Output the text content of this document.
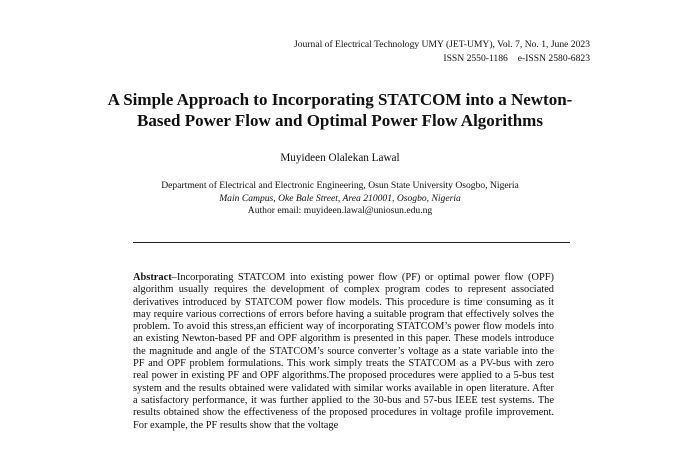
Journal of Electrical Technology UMY (JET-UMY), Vol. 7, No. 1, June 2023
ISSN 2550-1186 e-ISSN 2580-6823
A Simple Approach to Incorporating STATCOM into a Newton-
Based Power Flow and Optimal Power Flow Algorithms
Muyideen Olalekan Lawal
Department of Electrical and Electronic Engineering, Osun State University Osogbo, Nigeria
Main Campus, Oke Bale Street, Area 210001, Osogbo, Nigeria
Author email: muyideen.lawal@uniosun.edu.ng
Abstract–Incorporating STATCOM into existing power flow (PF) or optimal power flow (OPF) algorithm usually requires the development of complex program codes to represent associated derivatives introduced by STATCOM power flow models. This procedure is time consuming as it may require various corrections of errors before having a suitable program that effectively solves the problem. To avoid this stress,an efficient way of incorporating STATCOM’s power flow models into an existing Newton-based PF and OPF algorithm is presented in this paper. These models introduce the magnitude and angle of the STATCOM’s source converter’s voltage as a state variable into the PF and OPF problem formulations. This work simply treats the STATCOM as a PV-bus with zero real power in existing PF and OPF algorithms.The proposed procedures were applied to a 5-bus test system and the results obtained were validated with similar works available in open literature. After a satisfactory performance, it was further applied to the 30-bus and 57-bus IEEE test systems. The results obtained show the effectiveness of the proposed procedures in voltage profile improvement. For example, the PF results show that the voltage
